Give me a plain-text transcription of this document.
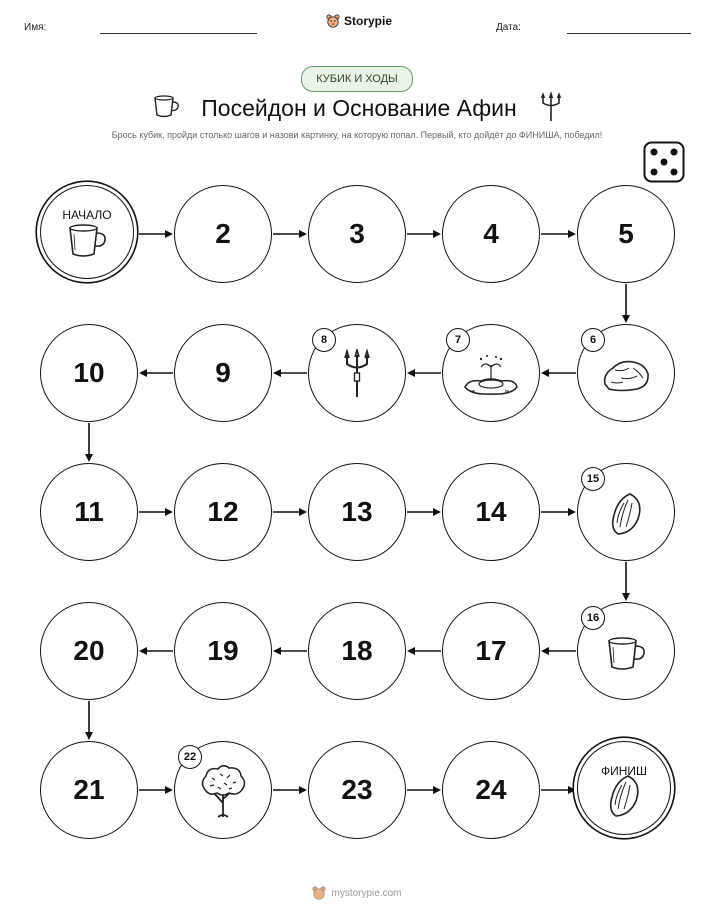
Имя:	Storypie	Дата:
КУБИК И ХОДЫ
Посейдон и Основание Афин
Брось кубик, пройди столько шагов и назови картинку, на которую попал. Первый, кто дойдёт до ФИНИША, победил!
НАЧАЛО
2	3	4	5
6
7
8
9
10
11	12	13	14
15
16
17
18
19
20
21
22
23	24
ФИНИШ
mystorypie.com
